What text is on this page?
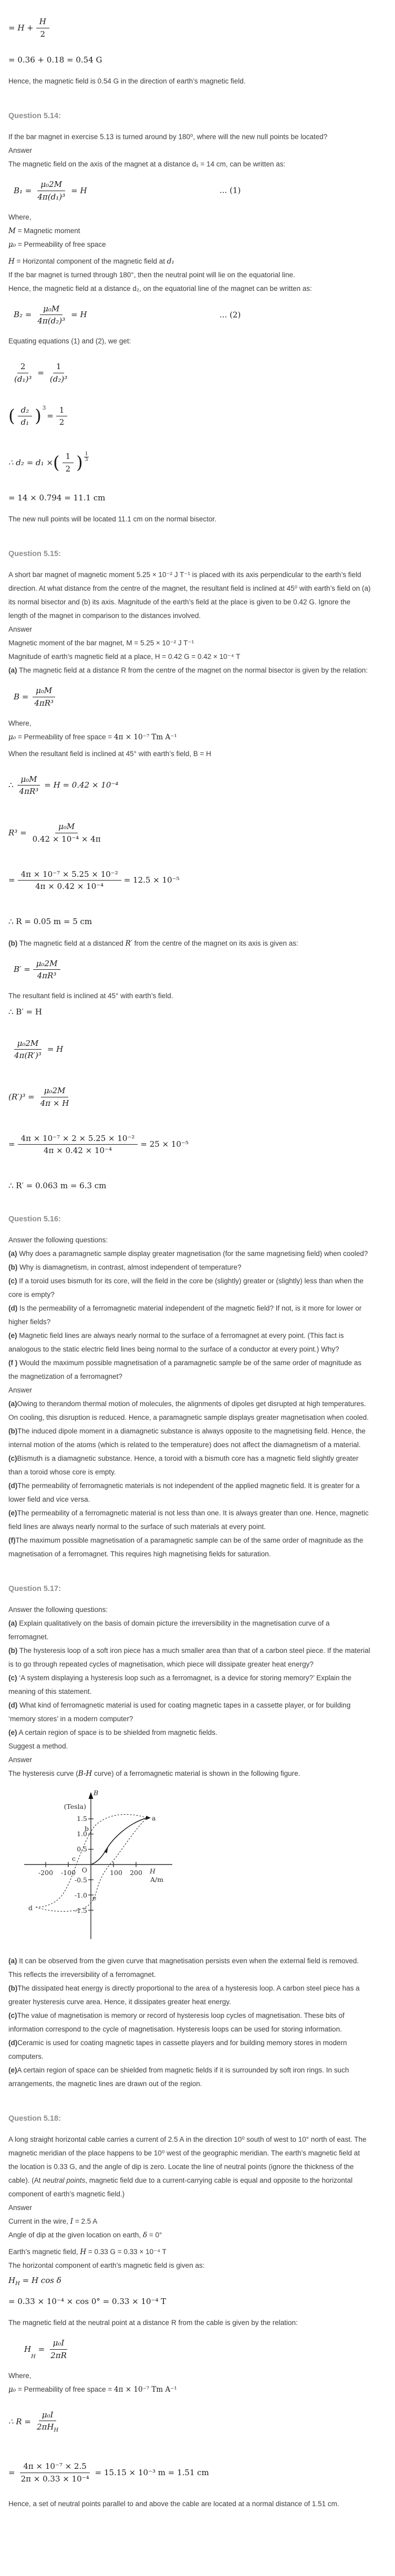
= $H + \frac{H}{2}$

= 0.36 + 0.18 = 0.54 G

Hence, the magnetic field is 0.54 G in the direction of earth’s magnetic field.

Question 5.14:

If the bar magnet in exercise 5.13 is turned around by 180⁰, where will the new null points be located?

Answer

The magnetic field on the axis of the magnet at a distance d₁ = 14 cm, can be written as:

$B_1 = \frac{\text{μ₀2M}}{\text{4π(d₁)³}} = H$	... (1)

Where,

M = Magnetic moment

μ₀ = Permeability of free space

H = Horizontal component of the magnetic field at d₁

If the bar magnet is turned through 180°, then the neutral point will lie on the equatorial line.

Hence, the magnetic field at a distance d₂, on the equatorial line of the magnet can be written as:

$B_2 = \frac{\text{μ₀M}}{\text{4π(d₂)³}} = H$	... (2)

Equating equations (1) and (2), we get:

$\frac{2}{\text{(d₁)³}} = \frac{1}{\text{(d₂)³}}$
( $\frac{\text{d₂}}{\text{d₁}}$ ) 3
= $\frac{1}{2}$
∴ d₂ = d₁ × ( $\frac{1}{2}$ ) 1
3

= 14 × 0.794 = 11.1 cm

The new null points will be located 11.1 cm on the normal bisector.

Question 5.15:

A short bar magnet of magnetic moment 5.25 × 10⁻² J T⁻¹ is placed with its axis perpendicular to the earth’s field direction. At what distance from the centre of the magnet, the resultant field is inclined at 45⁰ with earth’s field on (a) its normal bisector and (b) its axis. Magnitude of the earth’s field at the place is given to be 0.42 G. Ignore the length of the magnet in comparison to the distances involved.

Answer

Magnetic moment of the bar magnet, M = 5.25 × 10⁻² J T⁻¹

Magnitude of earth’s magnetic field at a place, H = 0.42 G = 0.42 × 10⁻⁴ T

(a) The magnetic field at a distance R from the centre of the magnet on the normal bisector is given by the relation:

$B = \frac{\text{μ₀M}}{\text{4πR³}}$

Where,

μ₀ = Permeability of free space = 4π × 10⁻⁷ Tm A⁻¹

When the resultant field is inclined at 45° with earth’s field, B = H

∴ $\frac{\text{μ₀M}}{\text{4πR³}} = H = 0.42 \times 10^{-4}$
$R^3 = \frac{\text{μ₀M}}{\text{0.42 × 10⁻⁴ × 4π}}$
= $\frac{\text{4π × 10⁻⁷ × 5.25 × 10⁻²}}{\text{4π × 0.42 × 10⁻⁴}} = 12.5 \times 10^{-5}$

∴ R = 0.05 m = 5 cm

(b) The magnetic field at a distanced R′ from the centre of the magnet on its axis is given as:

$B' = \frac{\text{μ₀2M}}{\text{4πR³}}$

The resultant field is inclined at 45° with earth’s field.

∴ B′ = H

$\frac{\text{μ₀2M}}{\text{4π(R′)³}} = H$
$(R')^3 = \frac{\text{μ₀2M}}{4\pi \times H}$
= $\frac{\text{4π × 10⁻⁷ × 2 × 5.25 × 10⁻²}}{\text{4π × 0.42 × 10⁻⁴}} = 25 \times 10^{-5}$

∴ R′ = 0.063 m = 6.3 cm

Question 5.16:

Answer the following questions:

(a) Why does a paramagnetic sample display greater magnetisation (for the same magnetising field) when cooled?

(b) Why is diamagnetism, in contrast, almost independent of temperature?

(c) If a toroid uses bismuth for its core, will the field in the core be (slightly) greater or (slightly) less than when the core is empty?

(d) Is the permeability of a ferromagnetic material independent of the magnetic field? If not, is it more for lower or higher fields?

(e) Magnetic field lines are always nearly normal to the surface of a ferromagnet at every point. (This fact is analogous to the static electric field lines being normal to the surface of a conductor at every point.) Why?

(f ) Would the maximum possible magnetisation of a paramagnetic sample be of the same order of magnitude as the magnetization of a ferromagnet?

Answer

(a)Owing to therandom thermal motion of molecules, the alignments of dipoles get disrupted at high temperatures. On cooling, this disruption is reduced. Hence, a paramagnetic sample displays greater magnetisation when cooled.

(b)The induced dipole moment in a diamagnetic substance is always opposite to the magnetising field. Hence, the internal motion of the atoms (which is related to the temperature) does not affect the diamagnetism of a material.

(c)Bismuth is a diamagnetic substance. Hence, a toroid with a bismuth core has a magnetic field slightly greater than a toroid whose core is empty.

(d)The permeability of ferromagnetic materials is not independent of the applied magnetic field. It is greater for a lower field and vice versa.

(e)The permeability of a ferromagnetic material is not less than one. It is always greater than one. Hence, magnetic field lines are always nearly normal to the surface of such materials at every point.

(f)The maximum possible magnetisation of a paramagnetic sample can be of the same order of magnitude as the magnetisation of a ferromagnet. This requires high magnetising fields for saturation.

Question 5.17:

Answer the following questions:

(a) Explain qualitatively on the basis of domain picture the irreversibility in the magnetisation curve of a ferromagnet.

(b) The hysteresis loop of a soft iron piece has a much smaller area than that of a carbon steel piece. If the material is to go through repeated cycles of magnetisation, which piece will dissipate greater heat energy?

(c) ‘A system displaying a hysteresis loop such as a ferromagnet, is a device for storing memory?’ Explain the meaning of this statement.

(d) What kind of ferromagnetic material is used for coating magnetic tapes in a cassette player, or for building ‘memory stores’ in a modern computer?

(e) A certain region of space is to be shielded from magnetic fields.

Suggest a method.

Answer

The hysteresis curve (B-H curve) of a ferromagnetic material is shown in the following figure.

B
(Tesla)
1.5
1.0
0.5
-0.5
-1.0
-1.5
-200 -100	100 200
O	H
A/m
a
b
c
d
e

(a) It can be observed from the given curve that magnetisation persists even when the external field is removed. This reflects the irreversibility of a ferromagnet.

(b)The dissipated heat energy is directly proportional to the area of a hysteresis loop. A carbon steel piece has a greater hysteresis curve area. Hence, it dissipates greater heat energy.

(c)The value of magnetisation is memory or record of hysteresis loop cycles of magnetisation. These bits of information correspond to the cycle of magnetisation. Hysteresis loops can be used for storing information.

(d)Ceramic is used for coating magnetic tapes in cassette players and for building memory stores in modern computers.

(e)A certain region of space can be shielded from magnetic fields if it is surrounded by soft iron rings. In such arrangements, the magnetic lines are drawn out of the region.

Question 5.18:

A long straight horizontal cable carries a current of 2.5 A in the direction 10⁰ south of west to 10° north of east. The magnetic meridian of the place happens to be 10⁰ west of the geographic meridian. The earth’s magnetic field at the location is 0.33 G, and the angle of dip is zero. Locate the line of neutral points (ignore the thickness of the cable). (At neutral points, magnetic field due to a current-carrying cable is equal and opposite to the horizontal component of earth’s magnetic field.)

Answer

Current in the wire, I = 2.5 A

Angle of dip at the given location on earth, δ = 0°

Earth’s magnetic field, H = 0.33 G = 0.33 × 10⁻⁴ T

The horizontal component of earth’s magnetic field is given as:

$H_H = H$ cos δ

= 0.33 × 10⁻⁴ × cos 0° = 0.33 × 10⁻⁴ T

The magnetic field at the neutral point at a distance R from the cable is given by the relation:

H
$_H$
= $\frac{\text{μ₀I}}{2\pi R}$

Where,

μ₀ = Permeability of free space = 4π × 10⁻⁷ Tm A⁻¹

∴ $R = \frac{\text{μ₀I}}{2\pi H_H}$
= $\frac{\text{4π × 10⁻⁷ × 2.5}}{\text{2π × 0.33 × 10⁻⁴}} = 15.15 \times 10^{-3}$ m = 1.51 cm

Hence, a set of neutral points parallel to and above the cable are located at a normal distance of 1.51 cm.
